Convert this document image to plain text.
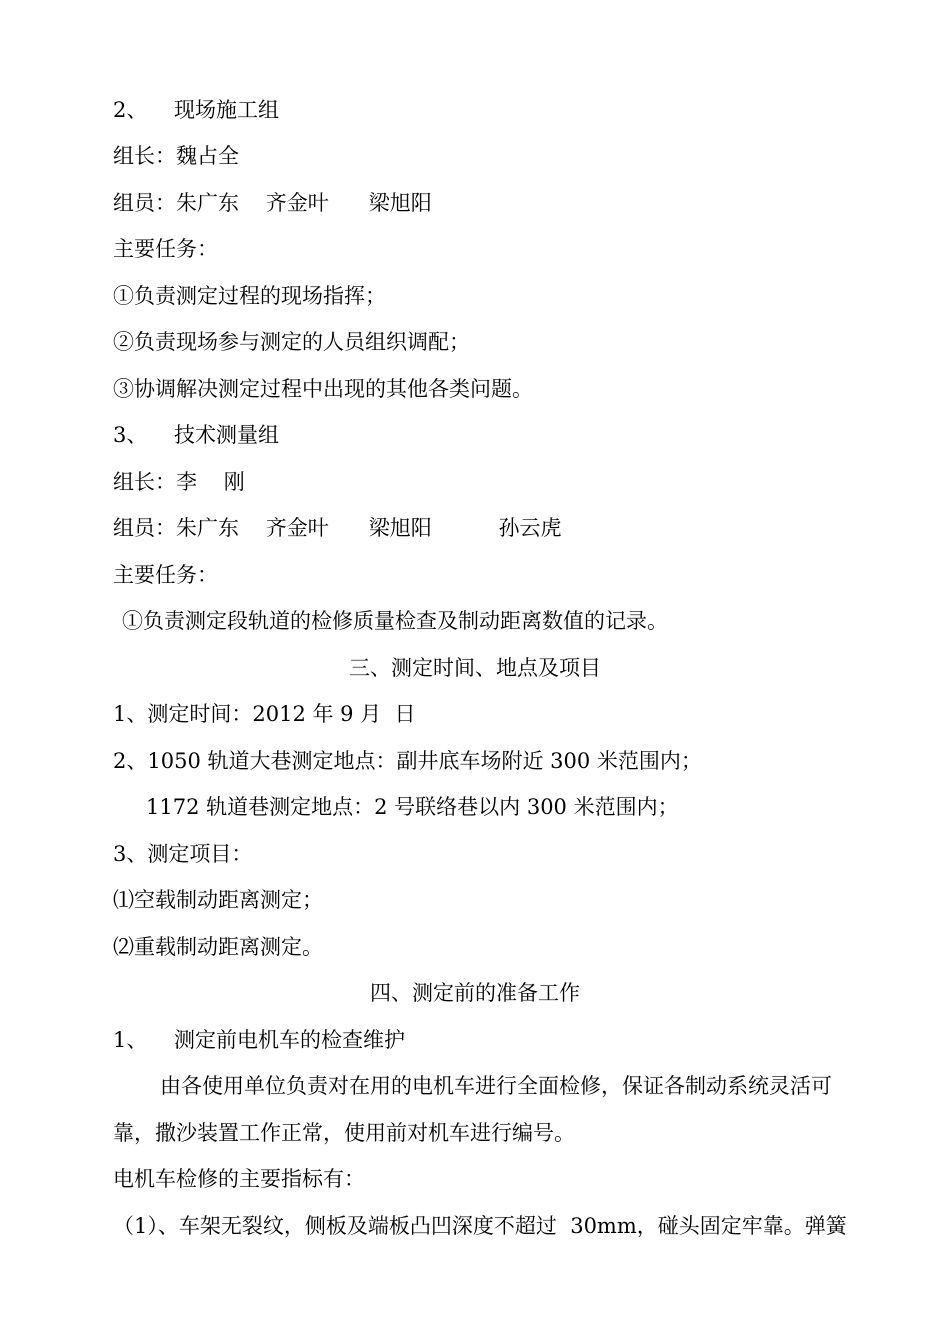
2、    现场施工组
组长：魏占全
组员：朱广东    齐金叶      梁旭阳
主要任务：
①负责测定过程的现场指挥；
②负责现场参与测定的人员组织调配；
③协调解决测定过程中出现的其他各类问题。
3、    技术测量组
组长：李    刚
组员：朱广东    齐金叶      梁旭阳          孙云虎
主要任务：
①负责测定段轨道的检修质量检查及制动距离数值的记录。
三、测定时间、地点及项目
1、测定时间：2012 年 9 月  日
2、1050 轨道大巷测定地点：副井底车场附近 300 米范围内；
1172 轨道巷测定地点：2 号联络巷以内 300 米范围内；
3、测定项目：
⑴空载制动距离测定；
⑵重载制动距离测定。
四、测定前的准备工作
1、    测定前电机车的检查维护
由各使用单位负责对在用的电机车进行全面检修，保证各制动系统灵活可
靠，撒沙装置工作正常，使用前对机车进行编号。
电机车检修的主要指标有：
（1）、车架无裂纹，侧板及端板凸凹深度不超过  30mm，碰头固定牢靠。弹簧
